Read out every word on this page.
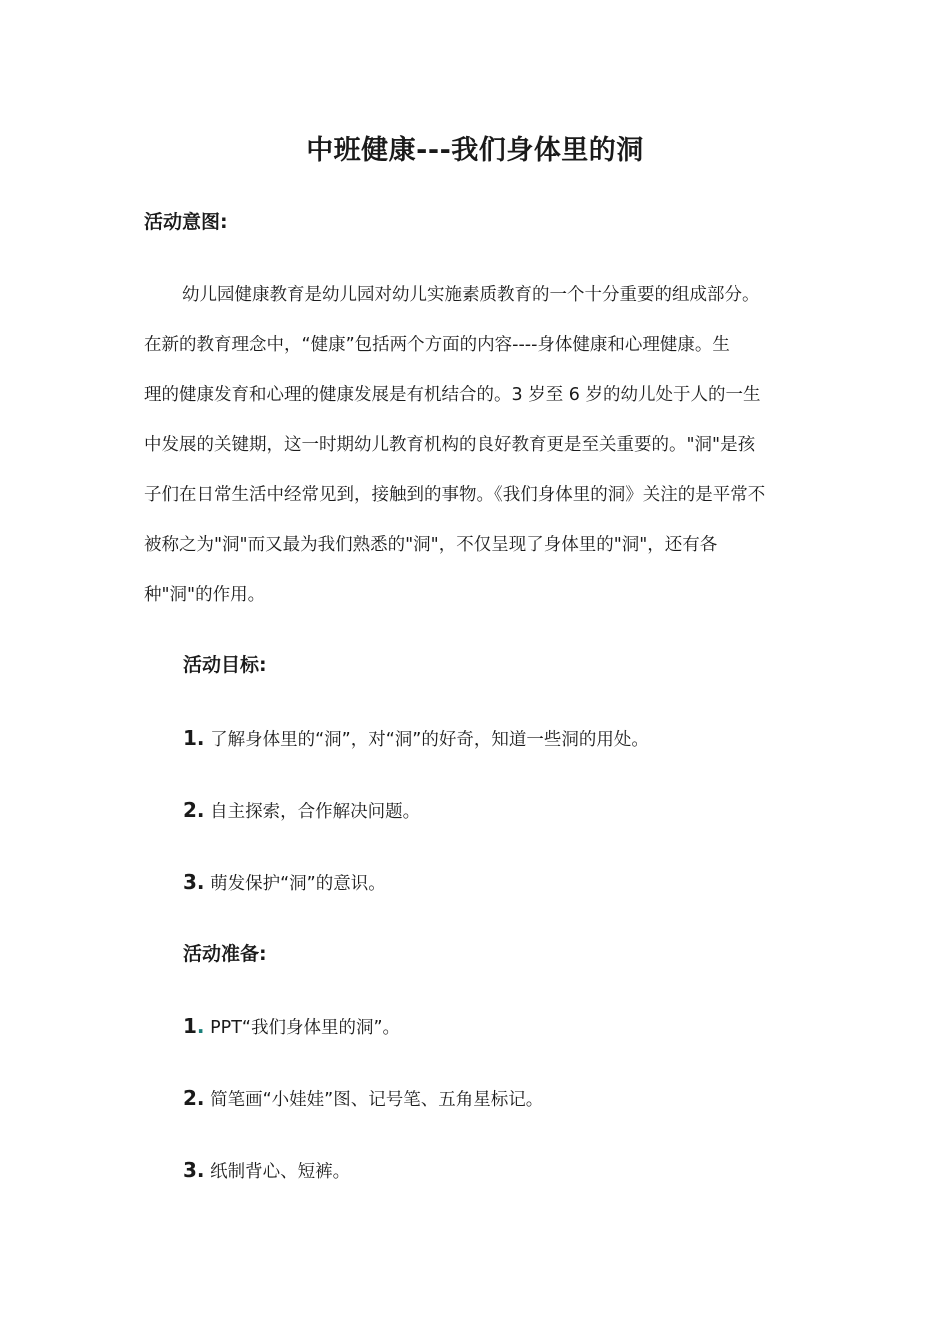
中班健康---我们身体里的洞
活动意图:
幼儿园健康教育是幼儿园对幼儿实施素质教育的一个十分重要的组成部分。
在新的教育理念中，“健康”包括两个方面的内容----身体健康和心理健康。生
理的健康发育和心理的健康发展是有机结合的。3 岁至 6 岁的幼儿处于人的一生
中发展的关键期，这一时期幼儿教育机构的良好教育更是至关重要的。"洞"是孩
子们在日常生活中经常见到，接触到的事物。《我们身体里的洞》关注的是平常不
被称之为"洞"而又最为我们熟悉的"洞"，不仅呈现了身体里的"洞"，还有各
种"洞"的作用。
活动目标:
1. 了解身体里的“洞”，对“洞”的好奇，知道一些洞的用处。
2. 自主探索，合作解决问题。
3. 萌发保护“洞”的意识。
活动准备:
1. PPT“我们身体里的洞”。
2. 简笔画“小娃娃”图、记号笔、五角星标记。
3. 纸制背心、短裤。
